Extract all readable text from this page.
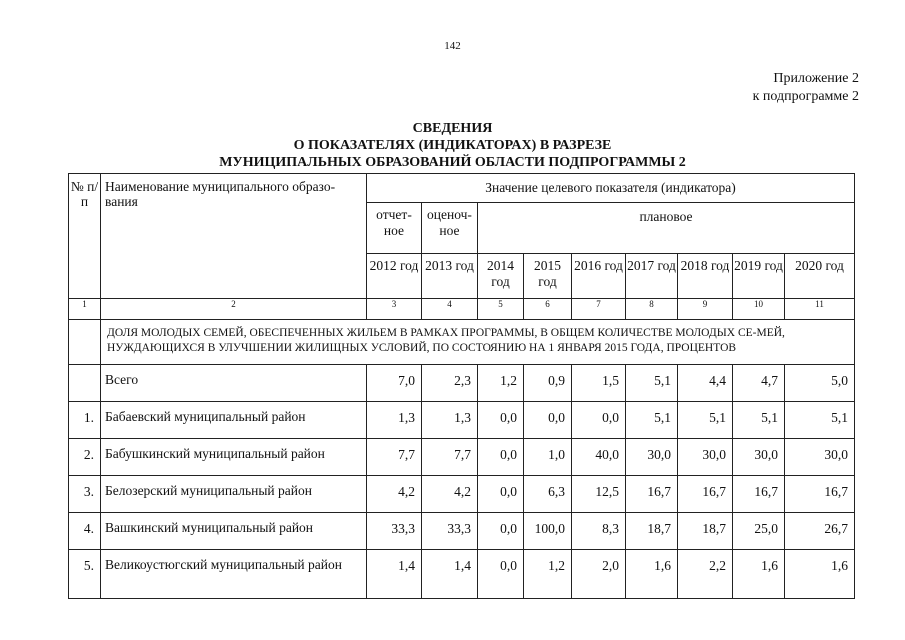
142
Приложение 2
к подпрограмме 2
СВЕДЕНИЯ
О ПОКАЗАТЕЛЯХ (ИНДИКАТОРАХ) В РАЗРЕЗЕ
МУНИЦИПАЛЬНЫХ ОБРАЗОВАНИЙ ОБЛАСТИ ПОДПРОГРАММЫ 2
№ п/п	Наименование муниципального образо-вания	Значение целевого показателя (индикатора)								
		отчет-ное	оценоч-ное	плановое						
		2012 год	2013 год	2014 год	2015 год	2016 год	2017 год	2018 год	2019 год	2020 год
1	2	3	4	5	6	7	8	9	10	11
	ДОЛЯ МОЛОДЫХ СЕМЕЙ, ОБЕСПЕЧЕННЫХ ЖИЛЬЕМ В РАМКАХ ПРОГРАММЫ, В ОБЩЕМ КОЛИЧЕСТВЕ МОЛОДЫХ СЕ-МЕЙ, НУЖДАЮЩИХСЯ В УЛУЧШЕНИИ ЖИЛИЩНЫХ УСЛОВИЙ, ПО СОСТОЯНИЮ НА 1 ЯНВАРЯ 2015 ГОДА, ПРОЦЕНТОВ									
	Всего	7,0	2,3	1,2	0,9	1,5	5,1	4,4	4,7	5,0
1.	Бабаевский муниципальный район	1,3	1,3	0,0	0,0	0,0	5,1	5,1	5,1	5,1
2.	Бабушкинский муниципальный район	7,7	7,7	0,0	1,0	40,0	30,0	30,0	30,0	30,0
3.	Белозерский муниципальный район	4,2	4,2	0,0	6,3	12,5	16,7	16,7	16,7	16,7
4.	Вашкинский муниципальный район	33,3	33,3	0,0	100,0	8,3	18,7	18,7	25,0	26,7
5.	Великоустюгский муниципальный район	1,4	1,4	0,0	1,2	2,0	1,6	2,2	1,6	1,6
